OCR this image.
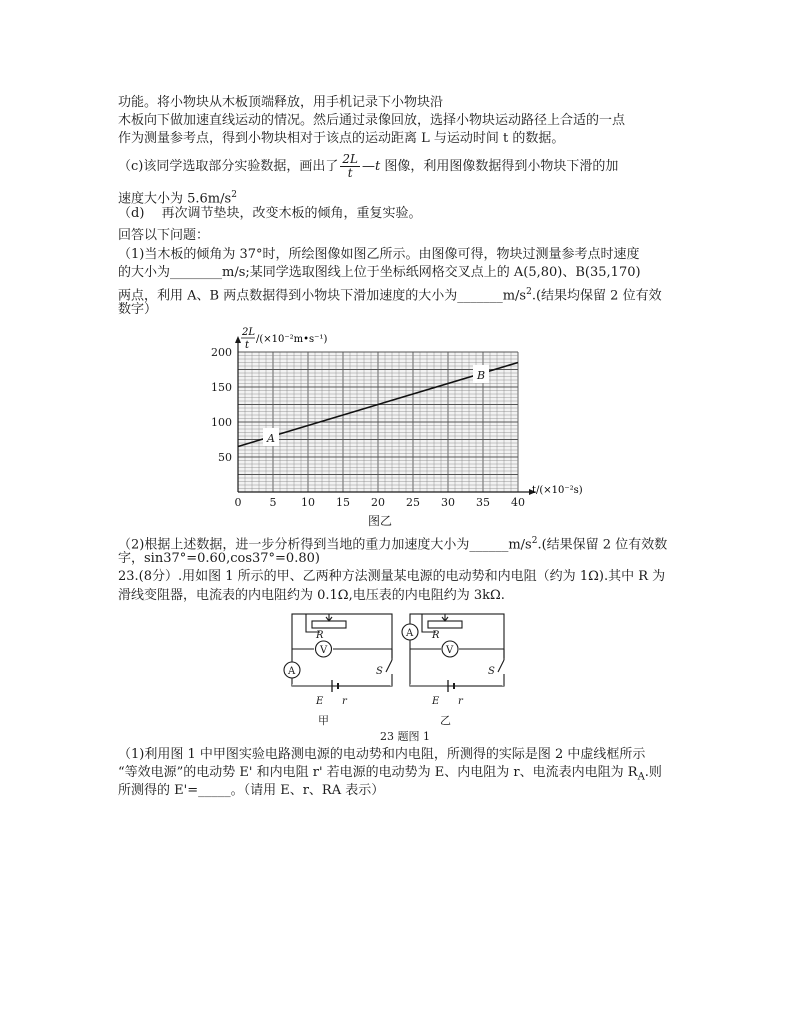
功能。将小物块从木板顶端释放，用手机记录下小物块沿
木板向下做加速直线运动的情况。然后通过录像回放，选择小物块运动路径上合适的一点
作为测量参考点，得到小物块相对于该点的运动距离 L 与运动时间 t 的数据。
（c)该同学选取部分实验数据，画出了 $\frac{2L}{t}$ —t 图像，利用图像数据得到小物块下滑的加
速度大小为 $5.6m/s^2$
（d)　 再次调节垫块，改变木板的倾角，重复实验。
回答以下问题：
（1)当木板的倾角为 37°时，所绘图像如图乙所示。由图像可得，物块过测量参考点时速度
的大小为________m/s;某同学选取图线上位于坐标纸网格交叉点上的 A(5,80)、B(35,170)
两点，利用 A、B 两点数据得到小物块下滑加速度的大小为$\_\_\_\_\_\_\_m/s^2$.(结果均保留 2 位有效
数字）
0	5 10 15 20 25 30 35 40
50
100
150
200
A
B
2L
t
/(×10⁻²m•s⁻¹)
t/(×10⁻²s)
图乙
（2)根据上述数据，进一步分析得到当地的重力加速度大小为$\_\_\_\_\_\_m/s^2$.(结果保留 2 位有效数
字，sin37°=0.60,cos37°=0.80)
23.(8分）.用如图 1 所示的甲、乙两种方法测量某电源的电动势和内电阻（约为 1Ω).其中 R 为
滑线变阻器，电流表的内电阻约为 0.1Ω,电压表的内电阻约为 3kΩ.
R
V
A	S
E r
R
V
A
S
E r
甲	乙
23 题图 1
（1)利用图 1 中甲图实验电路测电源的电动势和内电阻，所测得的实际是图 2 中虚线框所示
“等效电源”的电动势 E' 和内电阻 r' 若电源的电动势为 E、内电阻为 r、电流表内电阻为 $R_A$.则
所测得的 E'=_____。（请用 E、r、RA 表示）
